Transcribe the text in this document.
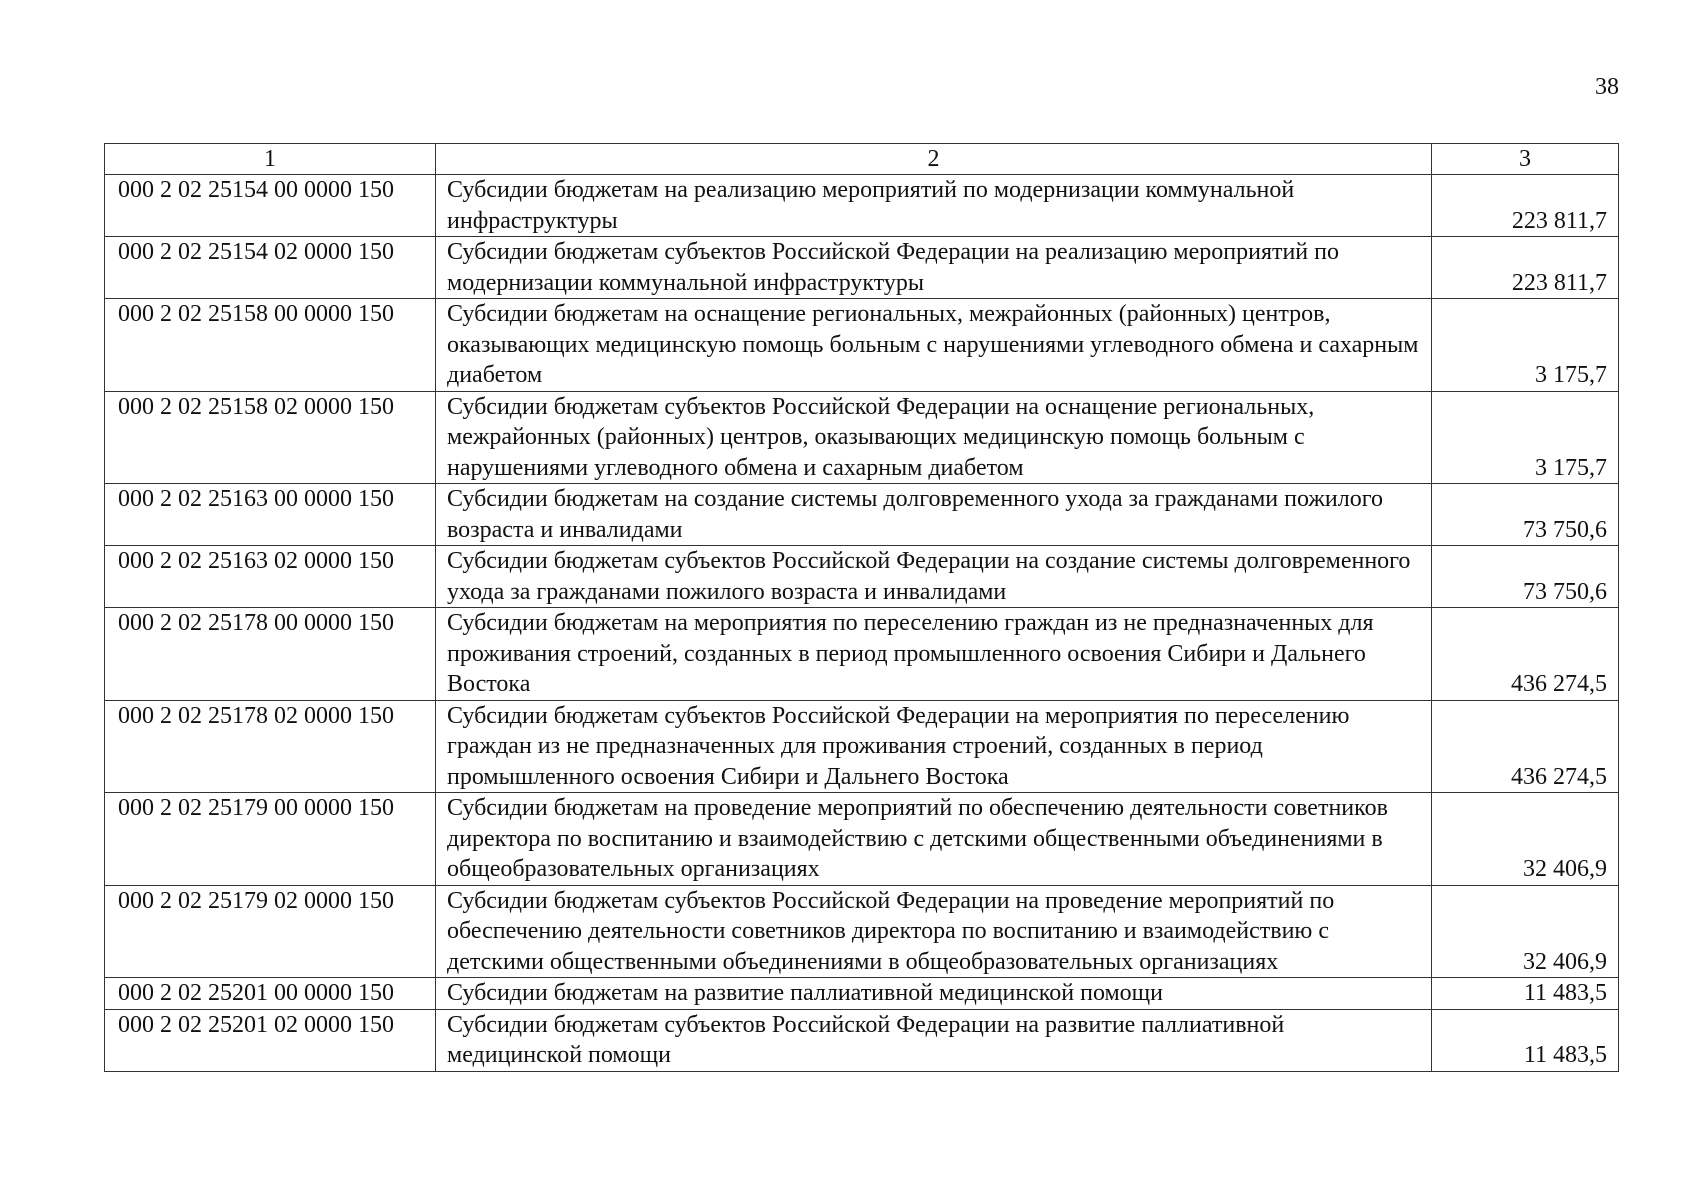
38
1	2	3
000 2 02 25154 00 0000 150	Субсидии бюджетам на реализацию мероприятий по модернизации коммунальной инфраструктуры	223 811,7
000 2 02 25154 02 0000 150	Субсидии бюджетам субъектов Российской Федерации на реализацию мероприятий по модернизации коммунальной инфраструктуры	223 811,7
000 2 02 25158 00 0000 150	Субсидии бюджетам на оснащение региональных, межрайонных (районных) центров, оказывающих медицинскую помощь больным с нарушениями углеводного обмена и сахарным диабетом	3 175,7
000 2 02 25158 02 0000 150	Субсидии бюджетам субъектов Российской Федерации на оснащение региональных, межрайонных (районных) центров, оказывающих медицинскую помощь больным с нарушениями углеводного обмена и сахарным диабетом	3 175,7
000 2 02 25163 00 0000 150	Субсидии бюджетам на создание системы долговременного ухода за гражданами пожилого возраста и инвалидами	73 750,6
000 2 02 25163 02 0000 150	Субсидии бюджетам субъектов Российской Федерации на создание системы долговременного ухода за гражданами пожилого возраста и инвалидами	73 750,6
000 2 02 25178 00 0000 150	Субсидии бюджетам на мероприятия по переселению граждан из не предназначенных для проживания строений, созданных в период промышленного освоения Сибири и Дальнего Востока	436 274,5
000 2 02 25178 02 0000 150	Субсидии бюджетам субъектов Российской Федерации на мероприятия по переселению граждан из не предназначенных для проживания строений, созданных в период промышленного освоения Сибири и Дальнего Востока	436 274,5
000 2 02 25179 00 0000 150	Субсидии бюджетам на проведение мероприятий по обеспечению деятельности советников директора по воспитанию и взаимодействию с детскими общественными объединениями в общеобразовательных организациях	32 406,9
000 2 02 25179 02 0000 150	Субсидии бюджетам субъектов Российской Федерации на проведение мероприятий по обеспечению деятельности советников директора по воспитанию и взаимодействию с детскими общественными объединениями в общеобразовательных организациях	32 406,9
000 2 02 25201 00 0000 150	Субсидии бюджетам на развитие паллиативной медицинской помощи	11 483,5
000 2 02 25201 02 0000 150	Субсидии бюджетам субъектов Российской Федерации на развитие паллиативной медицинской помощи	11 483,5
